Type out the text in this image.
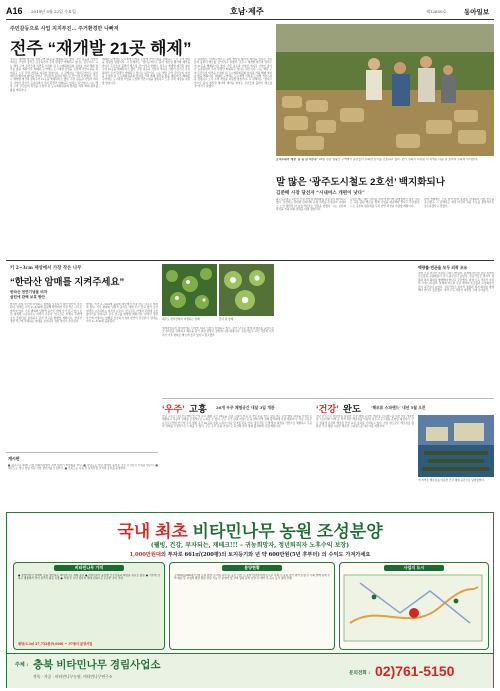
A16 2019년 5월 22일 수요일	호남·제주	제12850호	동아일보
주민갈등으로 사업 지지부진… 주거환경만 나빠져
전주 “재개발 21곳 해제”
전주시 재개발·재건축 정비구역 21곳을 해제하기로 했다. 주민 갈등과 사업성 저하로 사업이 장기간 표류하면서 주거 환경만 악화되고 있다는 판단이다. 시는 해당 구역 주민들의 의견을 수렴한 뒤 도시계획위원회 심의를 거쳐 해제 절차를 밟을 계획이다. 해제된 구역에는 도시재생 사업을 도입해 기반시설을 정비하고 노후 주택 개량을 지원할 방침이다. 시 관계자는 “정비구역으로 묶여 재산권 행사에 제약을 받아온 주민들의 불편이 해소될 것”이라고 말했다. 전주시 재개발·재건축 정비구역 21곳을 해제하기로 했다. 주민 갈등과 사업성 저하로 사업이 장기간 표류하면서 주거 환경만 악화되고 있다는 판단이다. 시는 해당 구역 주민들의 의견을 수렴한 뒤 도시계획위원회 심의를 거쳐 해제 절차를 밟을 계획이다.
해제된 구역에는 도시재생 사업을 도입해 기반시설을 정비하고 노후 주택 개량을 지원할 방침이다. 시 관계자는 “정비구역으로 묶여 재산권 행사에 제약을 받아온 주민들의 불편이 해소될 것”이라고 말했다. 전주시 재개발·재건축 정비구역 21곳을 해제하기로 했다. 주민 갈등과 사업성 저하로 사업이 장기간 표류하면서 주거 환경만 악화되고 있다는 판단이다. 시는 해당 구역 주민들의 의견을 수렴한 뒤 도시계획위원회 심의를 거쳐 해제 절차를 밟을 계획이다. 해제된 구역에는 도시재생 사업을 도입해 기반시설을 정비하고 노후 주택 개량을 지원할 방침이다.
시 관계자는 “정비구역으로 묶여 재산권 행사에 제약을 받아온 주민들의 불편이 해소될 것”이라고 말했다. 전주시 재개발·재건축 정비구역 21곳을 해제하기로 했다. 주민 갈등과 사업성 저하로 사업이 장기간 표류하면서 주거 환경만 악화되고 있다는 판단이다. 시는 해당 구역 주민들의 의견을 수렴한 뒤 도시계획위원회 심의를 거쳐 해제 절차를 밟을 계획이다. 해제된 구역에는 도시재생 사업을 도입해 기반시설을 정비하고 노후 주택 개량을 지원할 방침이다. 시 관계자는 “정비구역으로 묶여 재산권 행사에 제약을 받아온 주민들의 불편이 해소될 것”이라고 말했다.
보리수확의 계절 ‘감 풍 삼 적우수’ 20일 전남 영광군 구역에서 농민들이 수확한 보리를 건조하고 있다. 보리 수확이 시작된 이 지역은 다음 달 초까지 수확이 이어진다.
말 많은 ‘광주도시철도 2호선’ 백지화되나
김준배 시장 당선자 “시내버스 개편이 낫다”
광주도시철도 2호선 건설 사업이 백지화될 가능성이 제기되고 있다. 당선자는 막대한 건설비와 운영 적자를 우려하며 시내버스 노선 개편이 더 효율적이라는 입장을 밝혔다. 시는 공론화 과정을 거쳐 최종 결정을 내릴 방침이다.
시민단체는 예산 낭비를 막아야 한다며 환영했지만 일부 주민은 교통 불편 해소를 위해 사업을 계속해야 한다고 주장했다. 시는 공론화 위원회를 꾸려 찬반 의견을 수렴할 계획이다.
지역 경제계는 건설 경기 부양 효과를 기대하며 사업 추진을 촉구했다. 시 관계자는 재정 여건과 교통 수요를 종합적으로 검토하겠다고 말했다.
키 2~3cm 제상에서 가장 작은 나무
“한라산 암매를 지켜주세요”
한라산 천연기념물 비자
살린에 관해 보호 방안
한라산 정상 부근에 자생하는 암매를 보호하기 위한 방안이 추진된다. 암매는 키가 2~3cm에 불과해 세상에서 가장 작은 나무로 알려져 있다. 기후 변화와 탐방객 증가로 개체 수가 줄고 있어 보전 대책이 시급하다는 지적이 나온다. 연구진은 자생지 주변에 보호 울타리를 설치하고 증식 연구를 병행할 계획이다. 한라산 정상 부근에 자생하는 암매를 보호하기 위한 방안이 추진된다.
암매는 키가 2~3cm에 불과해 세상에서 가장 작은 나무로 알려져 있다. 기후 변화와 탐방객 증가로 개체 수가 줄고 있어 보전 대책이 시급하다는 지적이 나온다. 연구진은 자생지 주변에 보호 울타리를 설치하고 증식 연구를 병행할 계획이다. 한라산 정상 부근에 자생하는 암매를 보호하기 위한 방안이 추진된다. 암매는 키가 2~3cm에 불과하다.
제주도 한라산에서 자생하는 암매.	꽃이 핀 암매.
세계자연유산 한라산에는 다양한 희귀 식물이 자생하고 있다. 관리 당국은 암매 자생지를 중심으로 모니터링을 강화하고 훼손을 막기 위한 탐방로 정비에 나설 예정이다. 전문가들은 고산 식물의 서식지가 기후 변화로 빠르게 줄고 있다고 경고했다.
‘우주’ 고흥 20개 우주 체험공간 내달 3일 개관
전남 고흥군 나로우주센터 인근에 우주 체험 공간 20곳을 갖춘 시설이 다음 달 3일 문을 연다. 방문객은 로켓 발사 과정을 가상으로 체험하고 무중력 상태를 간접적으로 느껴볼 수 있다. 군은 우주 관광 거점으로 육성해 지역 경제 활성화에 나설 계획이다. 전남 고흥군 나로우주센터 인근에 우주 체험 공간 20곳을 갖춘 시설이 다음 달 3일 문을 연다. 방문객은 로켓 발사 과정을 가상으로 체험하고 무중력 상태를 간접적으로 느껴볼 수 있다. 군은 우주 관광 거점으로 육성해 지역 경제 활성화에 나설 계획이다.
‘건강’ 완도	‘해조류 스파랜드’ 내년 5월 오픈
전남 완도군은 해조류를 활용한 건강 체험 시설인 해조류 스파랜드를 내년 5월 개장한다. 다시마와 미역 등 지역 특산 해조류를 이용한 치유 프로그램을 운영할 예정이다. 군은 관광객 유치와 해조류 산업 육성 효과를 기대하고 있다. 전남 완도군은 해조류를 활용한 건강 체험 시설인 해조류 스파랜드를 내년 5월 개장한다.
백량률·빈곤율 모두 외곽 조유
지역 소득 격차가 여전히 크게 나타났다. 통계에 따르면 호남 지역의 빈곤율과 고령화율이 전국 평균보다 높았다. 전문가들은 일자리 창출과 복지 확대를 병행해야 한다고 강조했다. 지역 소득 격차가 여전히 크게 나타났다. 통계에 따르면 호남 지역의 빈곤율과 고령화율이 전국 평균보다 높았다. 전문가들은 일자리 창출과 복지 확대를 병행해야 한다고 강조했다. 지역 소득 격차가 여전히 크게 나타났다.
이 지역은 해조류를 이용한 건강 체험 공간으로 탈바꿈한다.
게시판
■ 광주시는 23일 시청 대회의실에서 지역 일자리 박람회를 연다. ■ 전남도는 이달 말까지 농어촌 주민 건강검진 신청을 받는다. ■ 제주도는 청년 창업 지원 사업 참가자를 모집한다. ■ 전북도는 다음 달 농특산물 직거래 장터를 운영한다.
국내 최초 비타민나무 농원 조성분양
(웰빙, 건강, 부자되는, 재테크!!! – 귀농희망자, 정년퇴직자 노후수익 보장)
1,000만원대의 투자로 661㎡(200평)의 토지등기와 년 약 600만원(5년 후부터) 의 수익도 가져가세요
비타민나무 가치
● 천연비타민 열매와 잎을 생산하는 비타민나무 재배 농원 ● 비타민C가 풍부해 건강식품과 화장품 원료로 활용 ● 기후에 강하고 병충해가 적어 관리가 쉬운 수종 ● 식재 후 수년 뒤부터 열매 수확으로 꾸준한 수익 기대
평당/3.3㎡ 27,752원(9,000) ~ 37평서 분양사업
분양현황
① 661㎡(200평) 단위 토지 분양 ② 지목 과수원, 등기 이전 ③ 분양 면적에 비타민나무 식재 ④ 농원 관리 위탁 운영 ⑤ 수확 열매 판매 수익 배분 ⑥ 사업지 현장 방문 상담 가능 ⑦ 분양가 및 잔여 필지 문의 요망 ⑧ 계약 후 즉시 등기 절차 진행
사업지 도시
주체 : 충북 비타민나무 경림사업소
작목 · 가공 : 비타민나무농원, 비타민나무연구소
문의전화 : 02)761-5150
